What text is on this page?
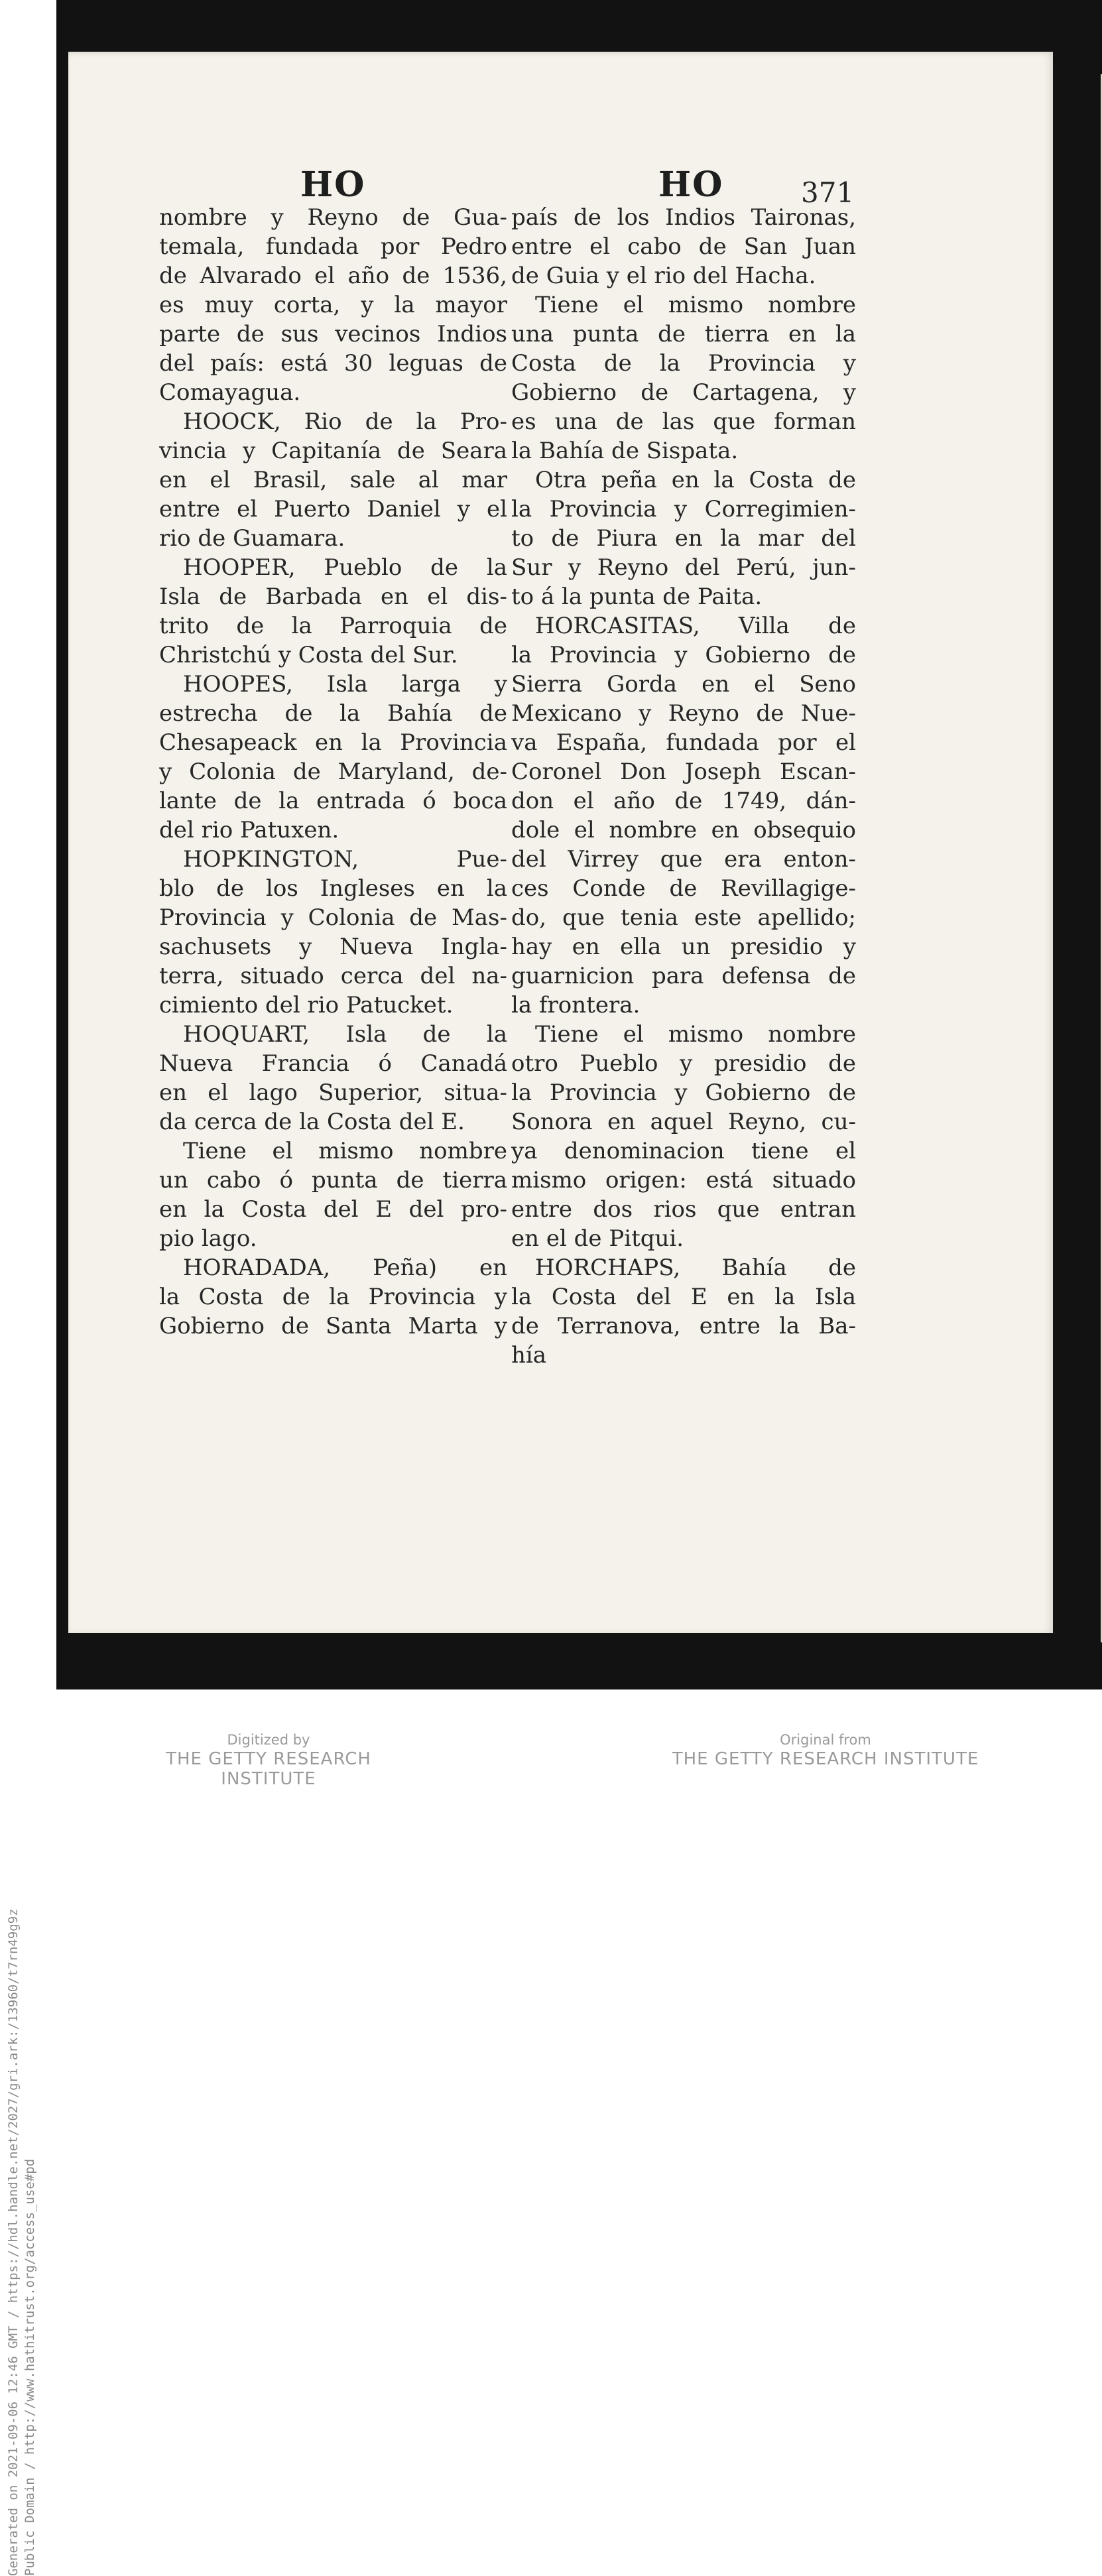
HO	HO	371
nombre y Reyno de Gua-
temala, fundada por Pedro
de Alvarado el año de 1536,
es muy corta, y la mayor
parte de sus vecinos Indios
del país: está 30 leguas de
Comayagua.
HOOCK, Rio de la Pro-
vincia y Capitanía de Seara
en el Brasil, sale al mar
entre el Puerto Daniel y el
rio de Guamara.
HOOPER, Pueblo de la
Isla de Barbada en el dis-
trito de la Parroquia de
Christchú y Costa del Sur.
HOOPES, Isla larga y
estrecha de la Bahía de
Chesapeack en la Provincia
y Colonia de Maryland, de-
lante de la entrada ó boca
del rio Patuxen.
HOPKINGTON, Pue-
blo de los Ingleses en la
Provincia y Colonia de Mas-
sachusets y Nueva Ingla-
terra, situado cerca del na-
cimiento del rio Patucket.
HOQUART, Isla de la
Nueva Francia ó Canadá
en el lago Superior, situa-
da cerca de la Costa del E.
Tiene el mismo nombre
un cabo ó punta de tierra
en la Costa del E del pro-
pio lago.
HORADADA, Peña) en
la Costa de la Provincia y
Gobierno de Santa Marta y
país de los Indios Taironas,
entre el cabo de San Juan
de Guia y el rio del Hacha.
Tiene el mismo nombre
una punta de tierra en la
Costa de la Provincia y
Gobierno de Cartagena, y
es una de las que forman
la Bahía de Sispata.
Otra peña en la Costa de
la Provincia y Corregimien-
to de Piura en la mar del
Sur y Reyno del Perú, jun-
to á la punta de Paita.
HORCASITAS, Villa de
la Provincia y Gobierno de
Sierra Gorda en el Seno
Mexicano y Reyno de Nue-
va España, fundada por el
Coronel Don Joseph Escan-
don el año de 1749, dán-
dole el nombre en obsequio
del Virrey que era enton-
ces Conde de Revillagige-
do, que tenia este apellido;
hay en ella un presidio y
guarnicion para defensa de
la frontera.
Tiene el mismo nombre
otro Pueblo y presidio de
la Provincia y Gobierno de
Sonora en aquel Reyno, cu-
ya denominacion tiene el
mismo origen: está situado
entre dos rios que entran
en el de Pitqui.
HORCHAPS, Bahía de
la Costa del E en la Isla
de Terranova, entre la Ba-
hía
Generated on 2021-09-06 12:46 GMT / https://hdl.handle.net/2027/gri.ark:/13960/t7rn49g9z Public Domain / http://www.hathitrust.org/access_use#pd
Digitized by
THE GETTY RESEARCH INSTITUTE
Original from
THE GETTY RESEARCH INSTITUTE
